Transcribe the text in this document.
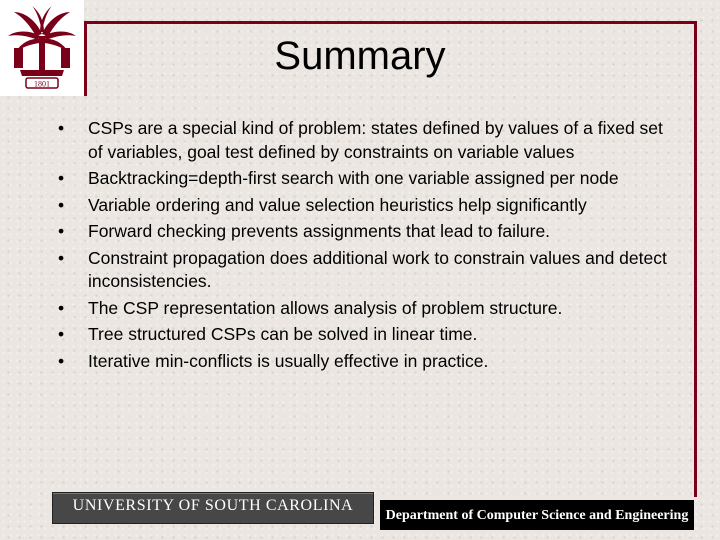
1801
Summary
•	CSPs are a special kind of problem: states defined by values of a fixed set of variables, goal test defined by constraints on variable values
•	Backtracking=depth-first search with one variable assigned per node
•	Variable ordering and value selection heuristics help significantly
•	Forward checking prevents assignments that lead to failure.
•	Constraint propagation does additional work to constrain values and detect inconsistencies.
•	The CSP representation allows analysis of problem structure.
•	Tree structured CSPs can be solved in linear time.
•	Iterative min-conflicts is usually effective in practice.
UNIVERSITY OF SOUTH CAROLINA
Department of Computer Science and Engineering
